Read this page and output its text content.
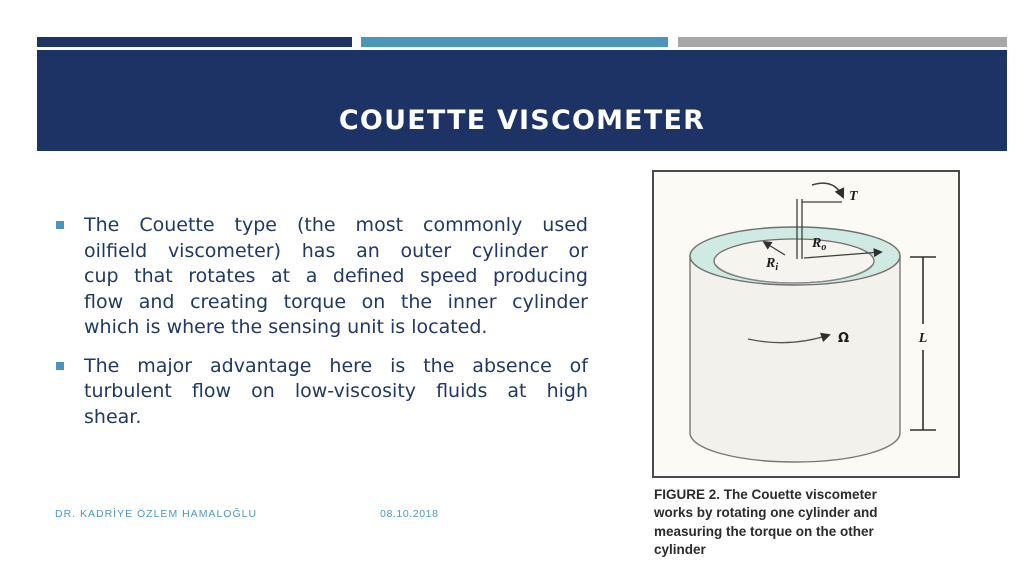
COUETTE VISCOMETER
The Couette type (the most commonly used
oilfield viscometer) has an outer cylinder or
cup that rotates at a defined speed producing
flow and creating torque on the inner cylinder
which is where the sensing unit is located.
The major advantage here is the absence of
turbulent flow on low-viscosity fluids at high
shear.
T
$R_o$
$R_i$
Ω	L
FIGURE 2. The Couette viscometer
works by rotating one cylinder and
measuring the torque on the other
cylinder
DR. KADRİYE ÖZLEM HAMALOĞLU	08.10.2018
